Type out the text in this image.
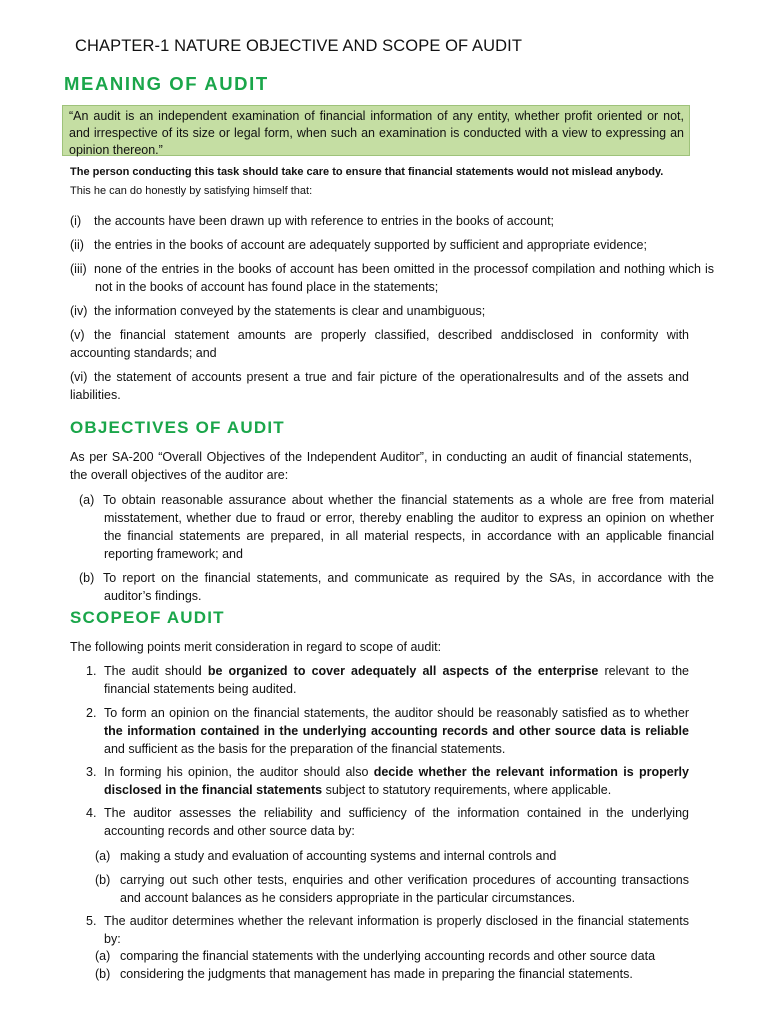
CHAPTER-1 NATURE OBJECTIVE AND SCOPE OF AUDIT
MEANING OF AUDIT
“An audit is an independent examination of financial information of any entity, whether profit oriented or not, and irrespective of its size or legal form, when such an examination is conducted with a view to expressing an opinion thereon.”
The person conducting this task should take care to ensure that financial statements would not mislead anybody.
This he can do honestly by satisfying himself that:
(i) the accounts have been drawn up with reference to entries in the books of account;
(ii) the entries in the books of account are adequately supported by sufficient and appropriate evidence;
(iii) none of the entries in the books of account has been omitted in the processof compilation and nothing which is not in the books of account has found place in the statements;
(iv) the information conveyed by the statements is clear and unambiguous;
(v) the financial statement amounts are properly classified, described anddisclosed in conformity with accounting standards; and
(vi) the statement of accounts present a true and fair picture of the operationalresults and of the assets and liabilities.
OBJECTIVES OF AUDIT
As per SA-200 “Overall Objectives of the Independent Auditor”, in conducting an audit of financial statements, the overall objectives of the auditor are:
(a) To obtain reasonable assurance about whether the financial statements as a whole are free from material misstatement, whether due to fraud or error, thereby enabling the auditor to express an opinion on whether the financial statements are prepared, in all material respects, in accordance with an applicable financial reporting framework; and
(b) To report on the financial statements, and communicate as required by the SAs, in accordance with the auditor’s findings.
SCOPEOF AUDIT
The following points merit consideration in regard to scope of audit:
1. The audit should be organized to cover adequately all aspects of the enterprise relevant to the financial statements being audited.
2. To form an opinion on the financial statements, the auditor should be reasonably satisfied as to whether the information contained in the underlying accounting records and other source data is reliable and sufficient as the basis for the preparation of the financial statements.
3. In forming his opinion, the auditor should also decide whether the relevant information is properly disclosed in the financial statements subject to statutory requirements, where applicable.
4. The auditor assesses the reliability and sufficiency of the information contained in the underlying accounting records and other source data by:
(a) making a study and evaluation of accounting systems and internal controls and
(b) carrying out such other tests, enquiries and other verification procedures of accounting transactions and account balances as he considers appropriate in the particular circumstances.
5. The auditor determines whether the relevant information is properly disclosed in the financial statements by:
(a) comparing the financial statements with the underlying accounting records and other source data
(b) considering the judgments that management has made in preparing the financial statements.
